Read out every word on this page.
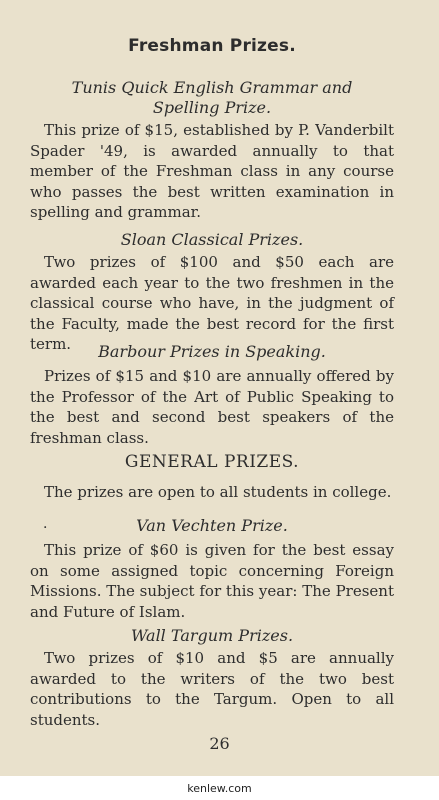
Freshman Prizes.
Tunis Quick English Grammar and
Spelling Prize.

This prize of $15, established by P. Vanderbilt Spader '49, is awarded annually to that member of the Freshman class in any course who passes the best written examination in spelling and grammar.

Sloan Classical Prizes.

Two prizes of $100 and $50 each are awarded each year to the two freshmen in the classical course who have, in the judgment of the Faculty, made the best record for the first term.	Barbour Prizes in Speaking.

Prizes of $15 and $10 are annually offered by the Professor of the Art of Public Speaking to the best and second best speakers of the freshman class.

GENERAL PRIZES.

The prizes are open to all students in college.

·	Van Vechten Prize.

This prize of $60 is given for the best essay on some assigned topic concerning Foreign Missions. The subject for this year: The Present and Future of Islam.

Wall Targum Prizes.

Two prizes of $10 and $5 are annually awarded to the writers of the two best contributions to the Targum. Open to all students.

26
kenlew.com
